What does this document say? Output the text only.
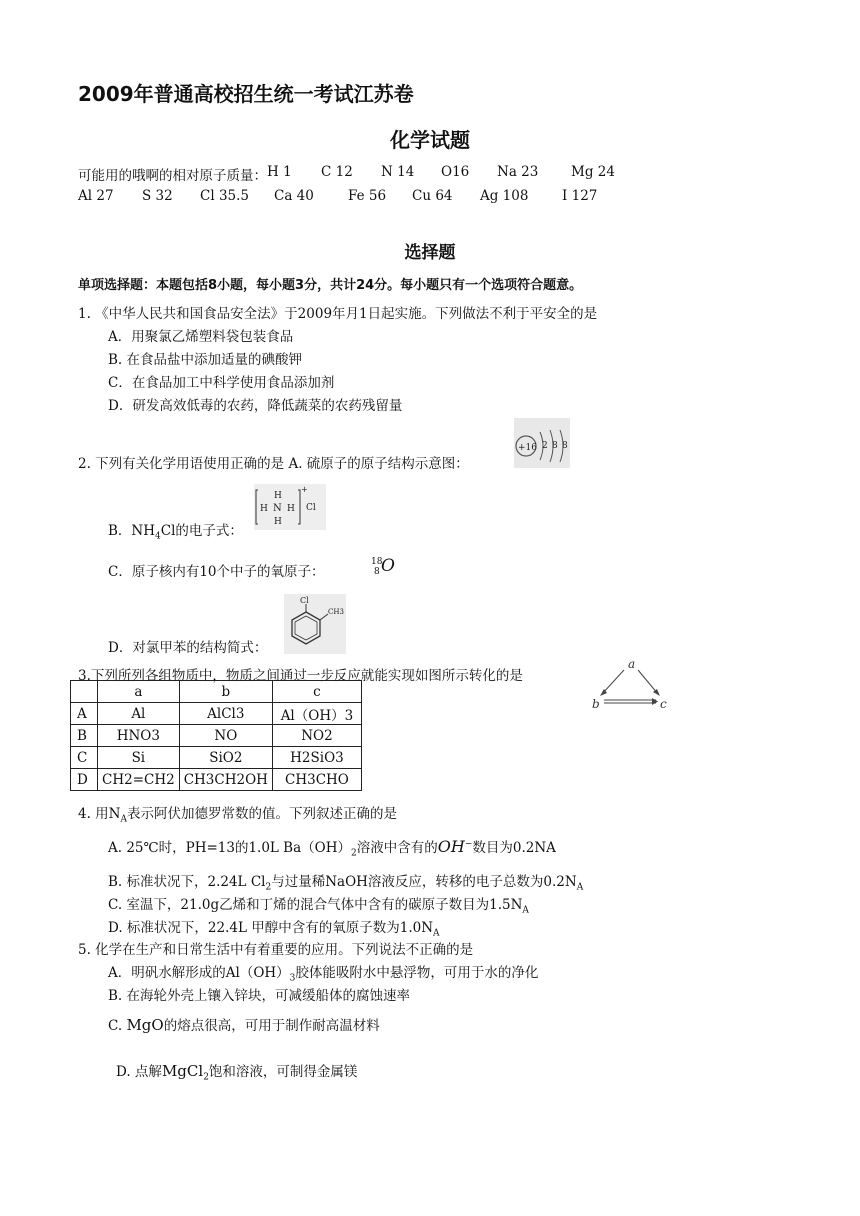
2009年普通高校招生统一考试江苏卷
化学试题
可能用的哦啊的相对原子质量： H 1	C 12	N 14	O16	Na 23	Mg 24
Al 27	S 32	Cl 35.5	Ca 40	Fe 56	Cu 64	Ag 108	I 127
选择题
单项选择题：本题包括8小题，每小题3分，共计24分。每小题只有一个选项符合题意。
1. 《中华人民共和国食品安全法》于2009年月1日起实施。下列做法不利于平安全的是
A．用聚氯乙烯塑料袋包装食品
B. 在食品盐中添加适量的碘酸钾
C．在食品加工中科学使用食品添加剂
D．研发高效低毒的农药，降低蔬菜的农药残留量
2. 下列有关化学用语使用正确的是 A. 硫原子的原子结构示意图：
+16 2 8 8
H
H N H
H
+
Cl
B．$NH_4Cl$的电子式：
C．原子核内有10个中子的氧原子：
18
8 O
Cl
CH3
D．对氯甲苯的结构简式：
3.下列所列各组物质中，物质之间通过一步反应就能实现如图所示转化的是
a
b	c
	a	b	c
A	Al	AlCl3	Al（OH）3
B	HNO3	NO	NO2
C	Si	SiO2	H2SiO3
D	CH2=CH2	CH3CH2OH	CH3CHO
4. 用$N_A$表示阿伏加德罗常数的值。下列叙述正确的是
A. 25℃时，PH=13的1.0L $Ba(OH)_2$溶液中含有的OH−数目为0.2NA
B. 标准状况下，2.24L $Cl_2$与过量稀NaOH溶液反应，转移的电子总数为$0.2N_A$
C. 室温下，21.0g乙烯和丁烯的混合气体中含有的碳原子数目为$1.5N_A$
D. 标准状况下，22.4L 甲醇中含有的氧原子数为$1.0N_A$
5. 化学在生产和日常生活中有着重要的应用。下列说法不正确的是
A．明矾水解形成的$Al(OH)_3$胶体能吸附水中悬浮物，可用于水的净化
B. 在海轮外壳上镶入锌块，可减缓船体的腐蚀速率
C. MgO的熔点很高，可用于制作耐高温材料
D. 点解MgCl$_2$饱和溶液，可制得金属镁
